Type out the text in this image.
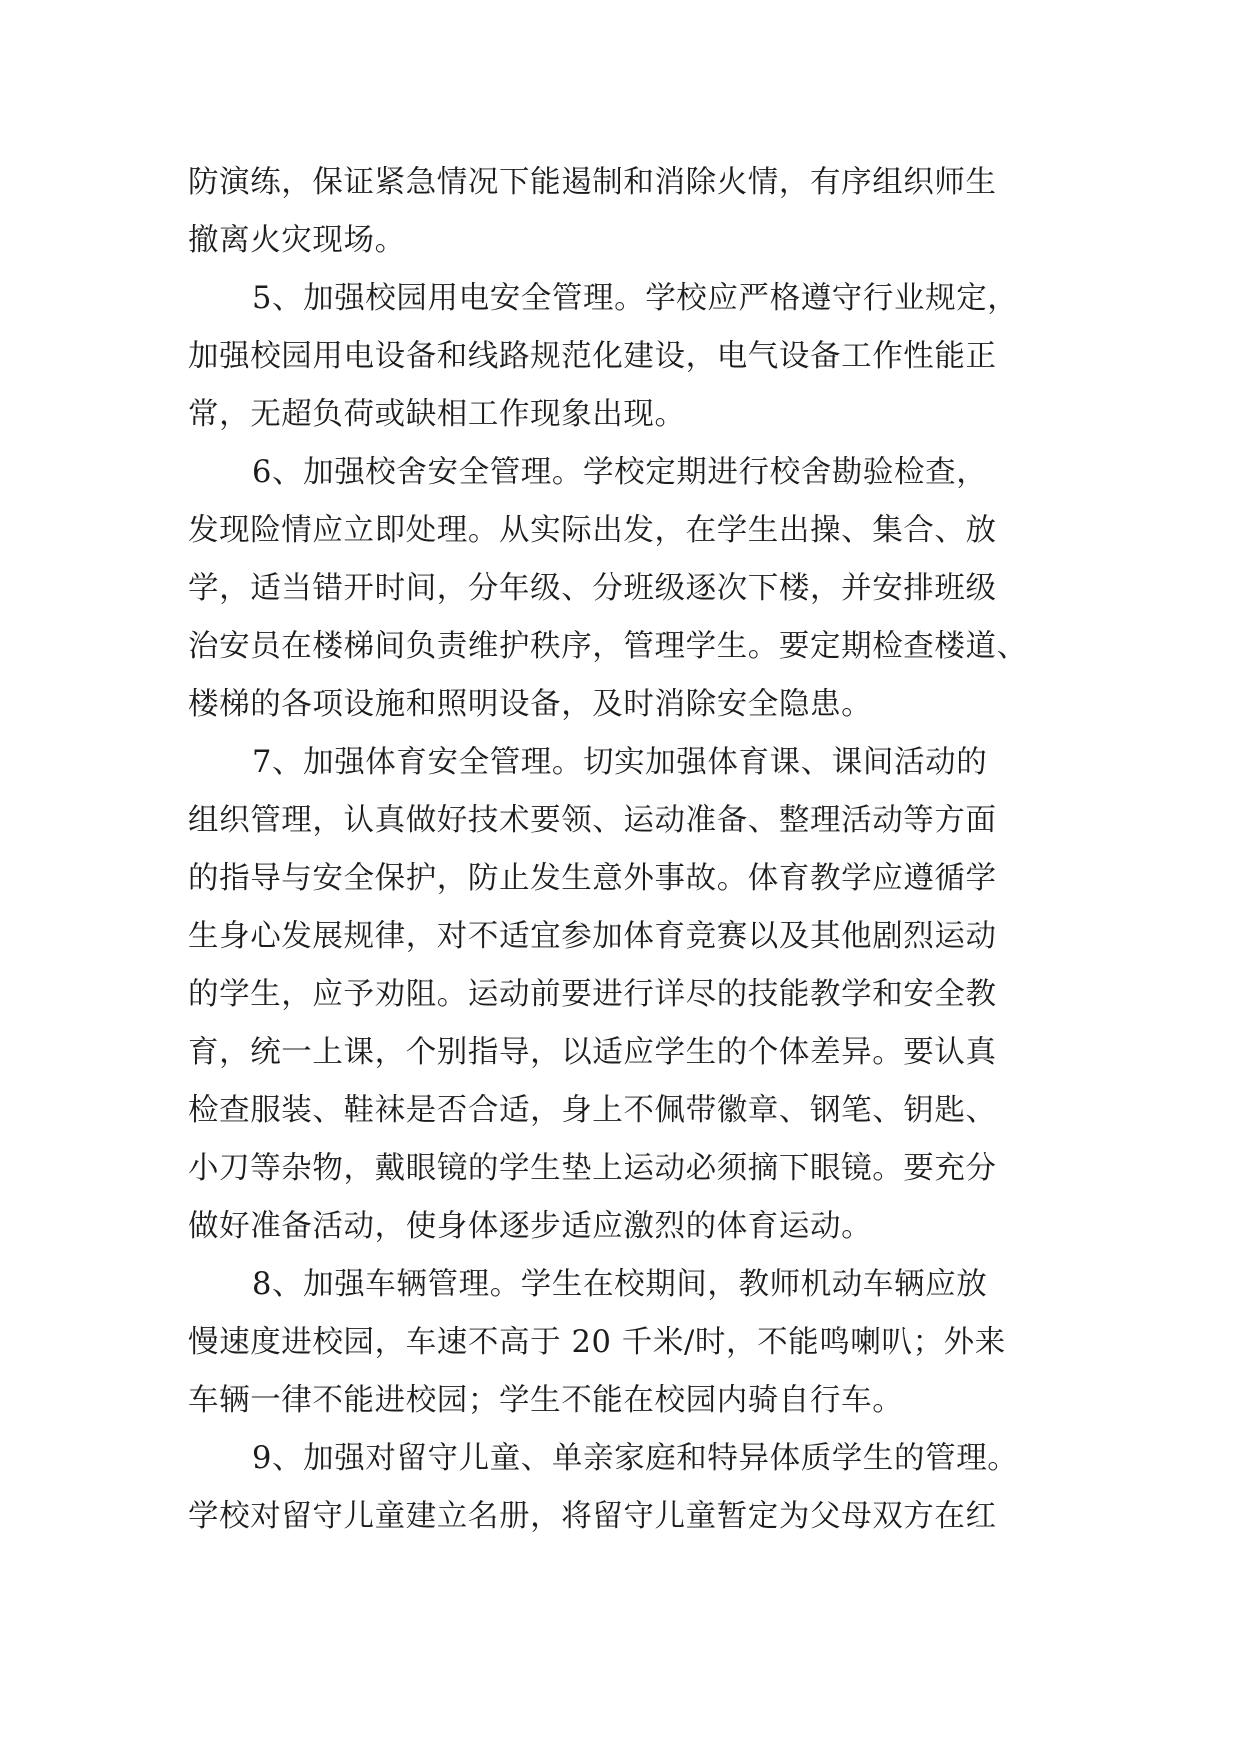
防演练，保证紧急情况下能遏制和消除火情，有序组织师生
撤离火灾现场。
5、加强校园用电安全管理。学校应严格遵守行业规定，
加强校园用电设备和线路规范化建设，电气设备工作性能正
常，无超负荷或缺相工作现象出现。
6、加强校舍安全管理。学校定期进行校舍勘验检查，
发现险情应立即处理。从实际出发，在学生出操、集合、放
学，适当错开时间，分年级、分班级逐次下楼，并安排班级
治安员在楼梯间负责维护秩序，管理学生。要定期检查楼道、
楼梯的各项设施和照明设备，及时消除安全隐患。
7、加强体育安全管理。切实加强体育课、课间活动的
组织管理，认真做好技术要领、运动准备、整理活动等方面
的指导与安全保护，防止发生意外事故。体育教学应遵循学
生身心发展规律，对不适宜参加体育竞赛以及其他剧烈运动
的学生，应予劝阻。运动前要进行详尽的技能教学和安全教
育，统一上课，个别指导，以适应学生的个体差异。要认真
检查服装、鞋袜是否合适，身上不佩带徽章、钢笔、钥匙、
小刀等杂物，戴眼镜的学生垫上运动必须摘下眼镜。要充分
做好准备活动，使身体逐步适应激烈的体育运动。
8、加强车辆管理。学生在校期间，教师机动车辆应放
慢速度进校园，车速不高于 20 千米/时，不能鸣喇叭；外来
车辆一律不能进校园；学生不能在校园内骑自行车。
9、加强对留守儿童、单亲家庭和特异体质学生的管理。
学校对留守儿童建立名册，将留守儿童暂定为父母双方在红
